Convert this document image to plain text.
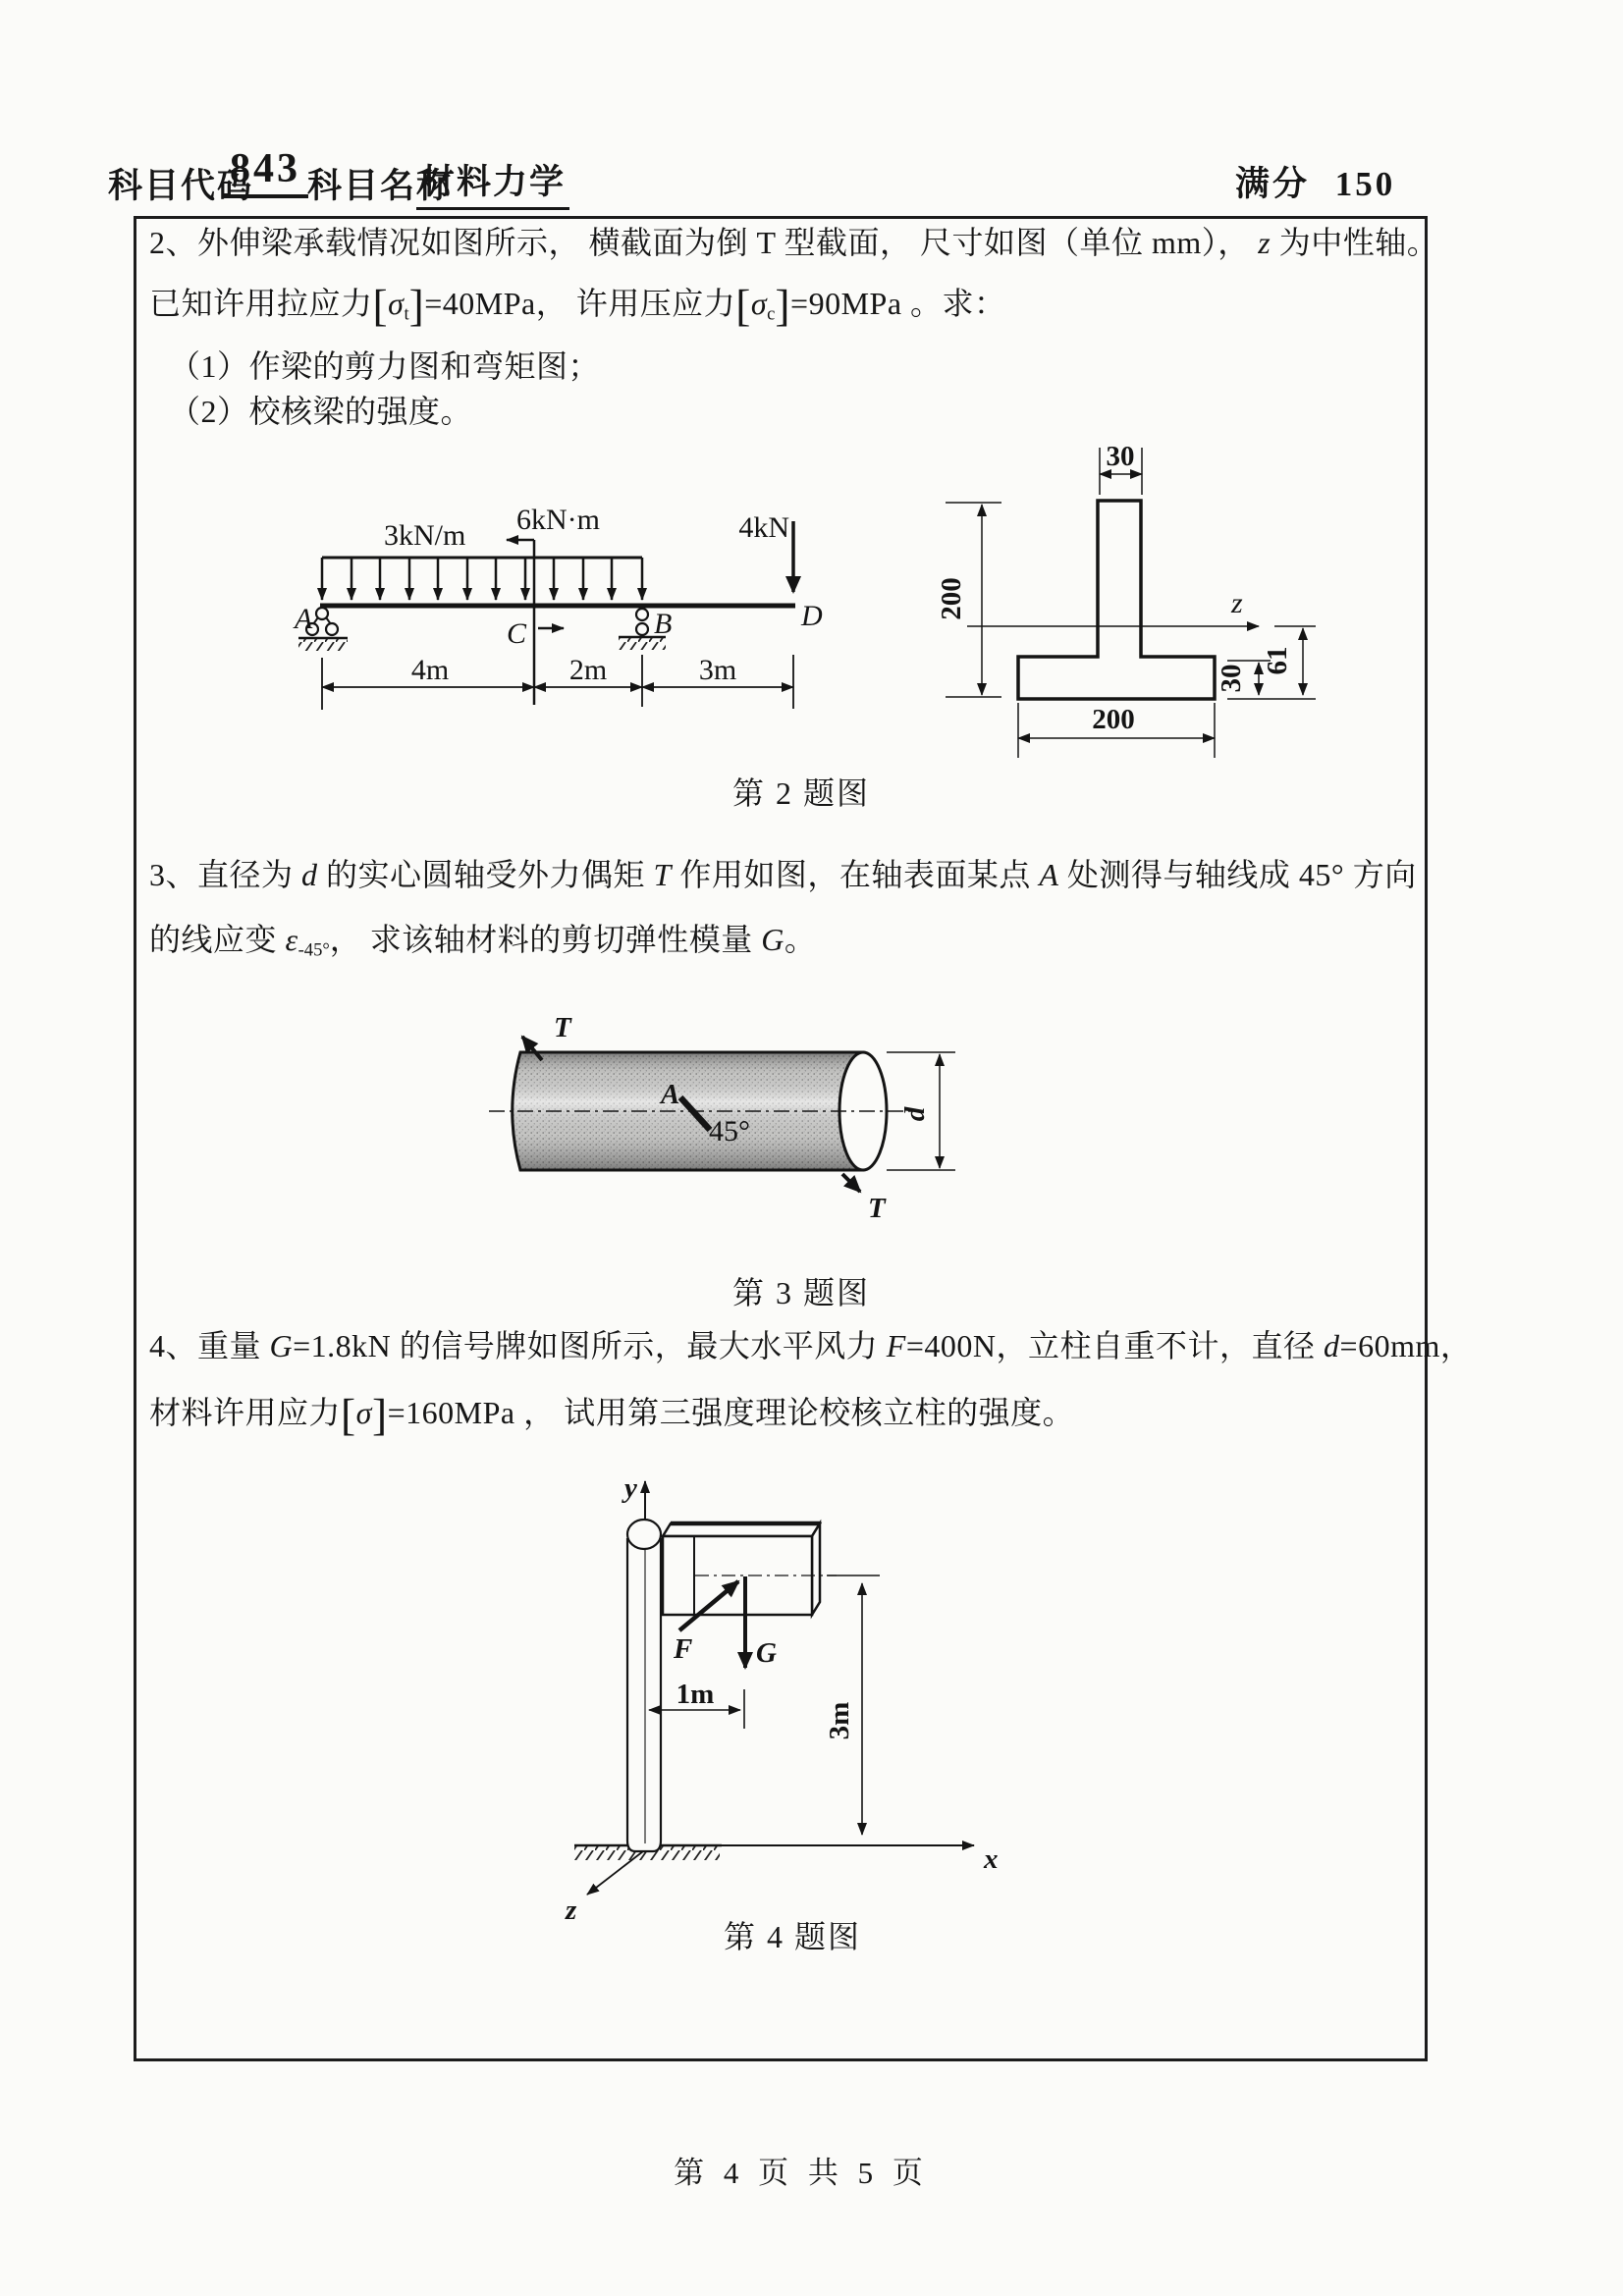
科目代码
843 科目名称
材料力学	满分 150
2、外伸梁承载情况如图所示， 横截面为倒 T 型截面， 尺寸如图（单位 mm）， z 为中性轴。
已知许用拉应力[σt]=40MPa， 许用压应力[σc]=90MPa 。求：
（1）作梁的剪力图和弯矩图；
（2）校核梁的强度。
3kN/m 6kN·m
C
4kN
D
A	B
4m	2m	3m
z
30
200
61
30
200
第 2 题图
3、直径为 d 的实心圆轴受外力偶矩 T 作用如图，在轴表面某点 A 处测得与轴线成 45° 方向
的线应变 ε-45°， 求该轴材料的剪切弹性模量 G。
T
T
A
45°
d
第 3 题图
4、重量 G=1.8kN 的信号牌如图所示，最大水平风力 F=400N，立柱自重不计，直径 d=60mm，
材料许用应力[σ]=160MPa ， 试用第三强度理论校核立柱的强度。
y
F G
1m
3m
x
z
第 4 题图
第 4 页 共 5 页
